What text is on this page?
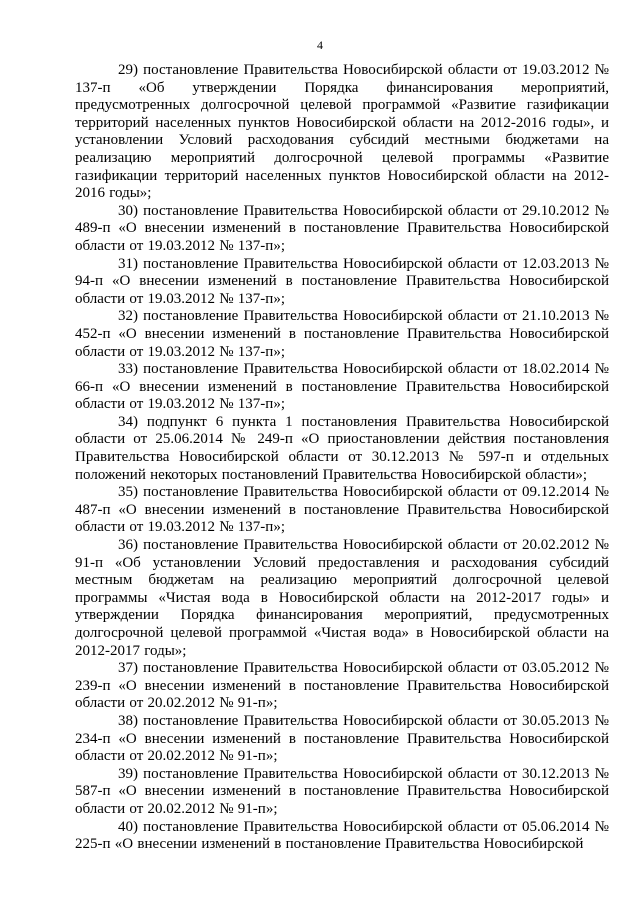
4

29) постановление Правительства Новосибирской области от 19.03.2012 № 137-п «Об утверждении Порядка финансирования мероприятий, предусмотренных долгосрочной целевой программой «Развитие газификации территорий населенных пунктов Новосибирской области на 2012-2016 годы», и установлении Условий расходования субсидий местными бюджетами на реализацию мероприятий долгосрочной целевой программы «Развитие газификации территорий населенных пунктов Новосибирской области на 2012-2016 годы»;

30) постановление Правительства Новосибирской области от 29.10.2012 № 489-п «О внесении изменений в постановление Правительства Новосибирской области от 19.03.2012 № 137-п»;

31) постановление Правительства Новосибирской области от 12.03.2013 № 94-п «О внесении изменений в постановление Правительства Новосибирской области от 19.03.2012 № 137-п»;

32) постановление Правительства Новосибирской области от 21.10.2013 № 452-п «О внесении изменений в постановление Правительства Новосибирской области от 19.03.2012 № 137-п»;

33) постановление Правительства Новосибирской области от 18.02.2014 № 66-п «О внесении изменений в постановление Правительства Новосибирской области от 19.03.2012 № 137-п»;

34) подпункт 6 пункта 1 постановления Правительства Новосибирской области от 25.06.2014 № 249-п «О приостановлении действия постановления Правительства Новосибирской области от 30.12.2013 № 597-п и отдельных положений некоторых постановлений Правительства Новосибирской области»;

35) постановление Правительства Новосибирской области от 09.12.2014 № 487-п «О внесении изменений в постановление Правительства Новосибирской области от 19.03.2012 № 137-п»;

36) постановление Правительства Новосибирской области от 20.02.2012 № 91-п «Об установлении Условий предоставления и расходования субсидий местным бюджетам на реализацию мероприятий долгосрочной целевой программы «Чистая вода в Новосибирской области на 2012-2017 годы» и утверждении Порядка финансирования мероприятий, предусмотренных долгосрочной целевой программой «Чистая вода» в Новосибирской области на 2012-2017 годы»;

37) постановление Правительства Новосибирской области от 03.05.2012 № 239-п «О внесении изменений в постановление Правительства Новосибирской области от 20.02.2012 № 91-п»;

38) постановление Правительства Новосибирской области от 30.05.2013 № 234-п «О внесении изменений в постановление Правительства Новосибирской области от 20.02.2012 № 91-п»;

39) постановление Правительства Новосибирской области от 30.12.2013 № 587-п «О внесении изменений в постановление Правительства Новосибирской области от 20.02.2012 № 91-п»;

40) постановление Правительства Новосибирской области от 05.06.2014 № 225-п «О внесении изменений в постановление Правительства Новосибирской
